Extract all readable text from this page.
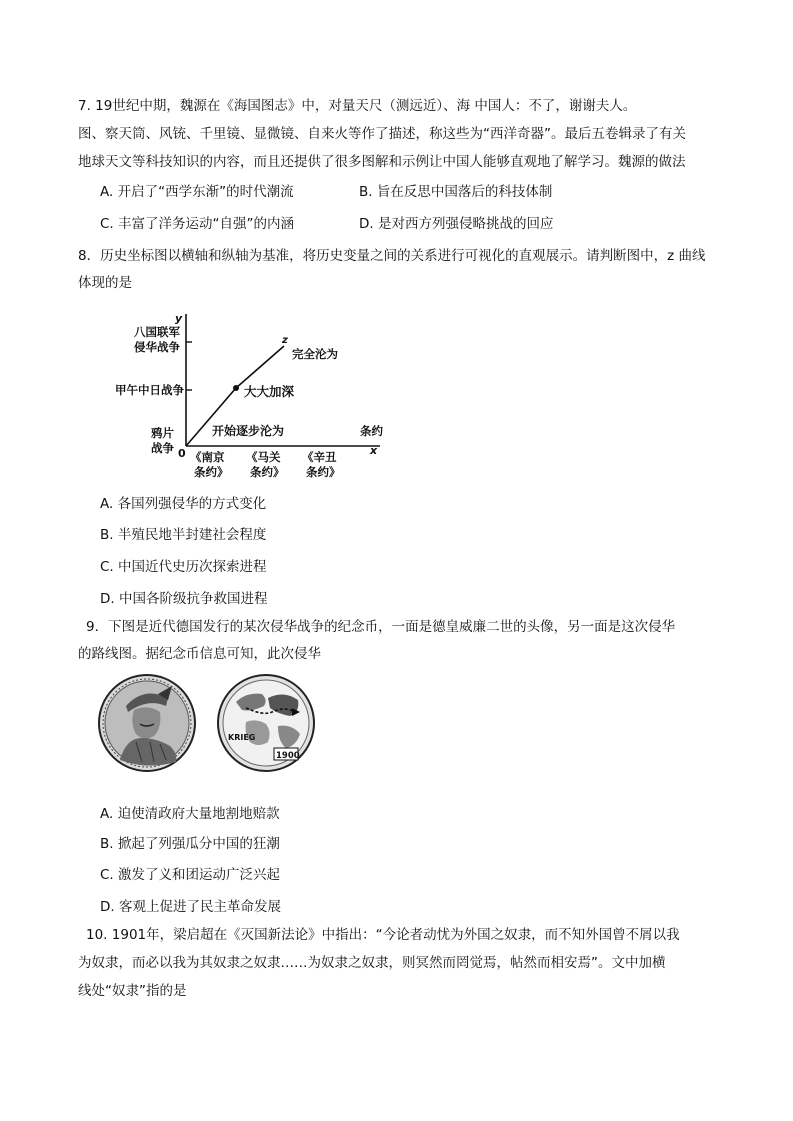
7. 19世纪中期，魏源在《海国图志》中，对量天尺（测远近）、海 中国人：不了，谢谢夫人。
图、察天筒、风铳、千里镜、显微镜、自来火等作了描述，称这些为“西洋奇器”。最后五卷辑录了有关
地球天文等科技知识的内容，而且还提供了很多图解和示例让中国人能够直观地了解学习。魏源的做法
A. 开启了“西学东渐”的时代潮流	B. 旨在反思中国落后的科技体制
C. 丰富了洋务运动“自强”的内涵	D. 是对西方列强侵略挑战的回应
8．历史坐标图以横轴和纵轴为基准，将历史变量之间的关系进行可视化的直观展示。请判断图中，z 曲线
体现的是
y
x
0
八国联军
侵华战争
甲午中日战争
鸦片
战争
z
完全沦为
大大加深
开始逐步沦为	条约
《南京
条约》
《马关
条约》
《辛丑
条约》
A. 各国列强侵华的方式变化
B. 半殖民地半封建社会程度
C. 中国近代史历次探索进程
D. 中国各阶级抗争救国进程
9．下图是近代德国发行的某次侵华战争的纪念币，一面是德皇威廉二世的头像，另一面是这次侵华
的路线图。据纪念币信息可知，此次侵华
KRIEG
1900
A. 迫使清政府大量地割地赔款
B. 掀起了列强瓜分中国的狂潮
C. 激发了义和团运动广泛兴起
D. 客观上促进了民主革命发展
10. 1901年，梁启超在《灭国新法论》中指出：“今论者动忧为外国之奴隶，而不知外国曾不屑以我
为奴隶，而必以我为其奴隶之奴隶……为奴隶之奴隶，则冥然而罔觉焉，帖然而相安焉”。文中加横
线处“奴隶”指的是
